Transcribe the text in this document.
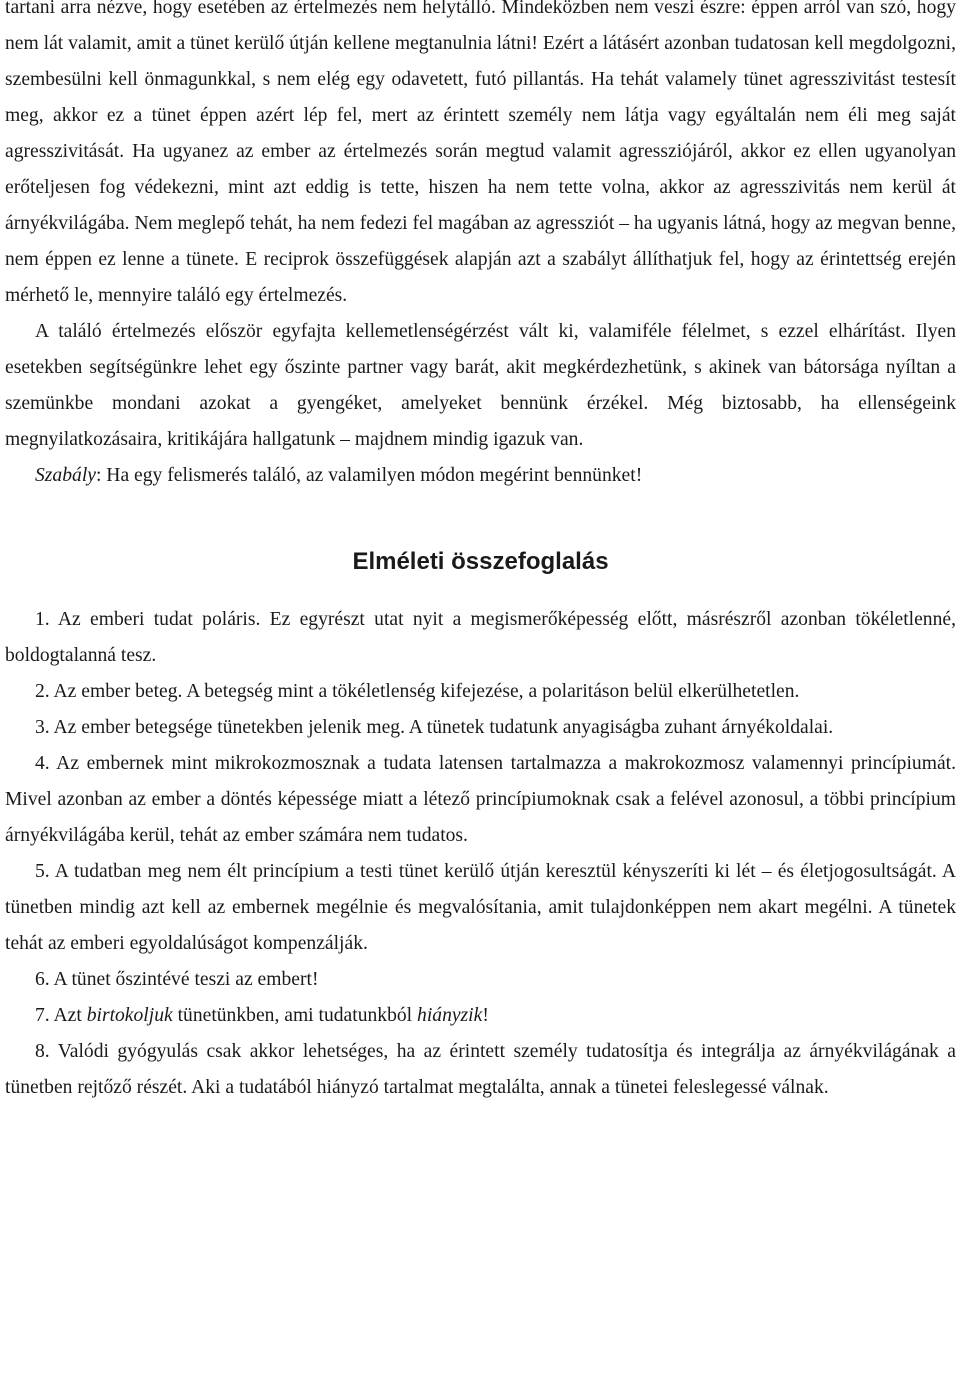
tartani arra nézve, hogy esetében az értelmezés nem helytálló. Mindeközben nem veszi észre: éppen arról van szó, hogy nem lát valamit, amit a tünet kerülő útján kellene megtanulnia látni! Ezért a látásért azonban tudatosan kell megdolgozni, szembesülni kell önmagunkkal, s nem elég egy odavetett, futó pillantás. Ha tehát valamely tünet agresszivitást testesít meg, akkor ez a tünet éppen azért lép fel, mert az érintett személy nem látja vagy egyáltalán nem éli meg saját agresszivitását. Ha ugyanez az ember az értelmezés során megtud valamit agressziójáról, akkor ez ellen ugyanolyan erőteljesen fog védekezni, mint azt eddig is tette, hiszen ha nem tette volna, akkor az agresszivitás nem kerül át árnyékvilágába. Nem meglepő tehát, ha nem fedezi fel magában az agressziót – ha ugyanis látná, hogy az megvan benne, nem éppen ez lenne a tünete. E reciprok összefüggések alapján azt a szabályt állíthatjuk fel, hogy az érintettség erején mérhető le, mennyire találó egy értelmezés.

A találó értelmezés először egyfajta kellemetlenségérzést vált ki, valamiféle félelmet, s ezzel elhárítást. Ilyen esetekben segítségünkre lehet egy őszinte partner vagy barát, akit megkérdezhetünk, s akinek van bátorsága nyíltan a szemünkbe mondani azokat a gyengéket, amelyeket bennünk érzékel. Még biztosabb, ha ellenségeink megnyilatkozásaira, kritikájára hallgatunk – majdnem mindig igazuk van.

Szabály: Ha egy felismerés találó, az valamilyen módon megérint bennünket!

Elméleti összefoglalás

1. Az emberi tudat poláris. Ez egyrészt utat nyit a megismerőképesség előtt, másrészről azonban tökéletlenné, boldogtalanná tesz.

2. Az ember beteg. A betegség mint a tökéletlenség kifejezése, a polaritáson belül elkerülhetetlen.

3. Az ember betegsége tünetekben jelenik meg. A tünetek tudatunk anyagiságba zuhant árnyékoldalai.

4. Az embernek mint mikrokozmosznak a tudata latensen tartalmazza a makrokozmosz valamennyi princípiumát. Mivel azonban az ember a döntés képessége miatt a létező princípiumoknak csak a felével azonosul, a többi princípium árnyékvilágába kerül, tehát az ember számára nem tudatos.

5. A tudatban meg nem élt princípium a testi tünet kerülő útján keresztül kényszeríti ki lét – és életjogosultságát. A tünetben mindig azt kell az embernek megélnie és megvalósítania, amit tulajdonképpen nem akart megélni. A tünetek tehát az emberi egyoldalúságot kompenzálják.

6. A tünet őszintévé teszi az embert!

7. Azt birtokoljuk tünetünkben, ami tudatunkból hiányzik!

8. Valódi gyógyulás csak akkor lehetséges, ha az érintett személy tudatosítja és integrálja az árnyékvilágának a tünetben rejtőző részét. Aki a tudatából hiányzó tartalmat megtalálta, annak a tünetei feleslegessé válnak.
